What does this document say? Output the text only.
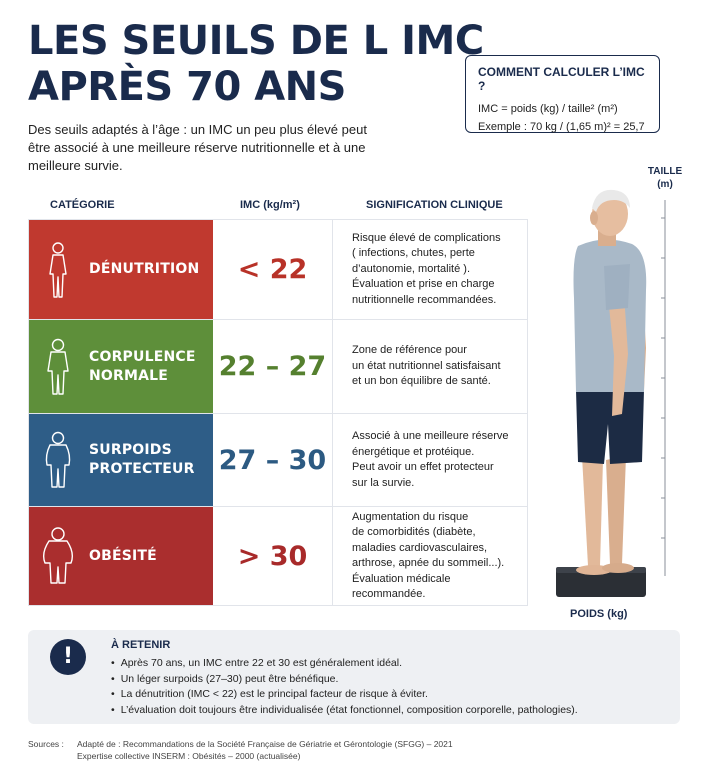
LES SEUILS DE L IMC
APRÈS 70 ANS
Des seuils adaptés à l’âge : un IMC un peu plus élevé peut être associé à une meilleure réserve nutritionnelle et à une meilleure survie.
COMMENT CALCULER L’IMC ?
IMC = poids (kg) / taille² (m²)
Exemple : 70 kg / (1,65 m)² = 25,7
CATÉGORIE	IMC (kg/m²)	SIGNIFICATION CLINIQUE
DÉNUTRITION	< 22
Risque élevé de complications
( infections, chutes, perte
d’autonomie, mortalité ).
Évaluation et prise en charge
nutritionnelle recommandées.
CORPULENCE NORMALE	22 – 27
Zone de référence pour
un état nutritionnel satisfaisant
et un bon équilibre de santé.
SURPOIDS PROTECTEUR 27 – 30
Associé à une meilleure réserve
énergétique et protéique.
Peut avoir un effet protecteur
sur la survie.
OBÉSITÉ	> 30
Augmentation du risque
de comorbidités (diabète,
maladies cardiovasculaires,
arthrose, apnée du sommeil...).
Évaluation médicale recommandée.
TAILLE
(m)
POIDS (kg)
!	À RETENIR
• Après 70 ans, un IMC entre 22 et 30 est généralement idéal.
• Un léger surpoids (27–30) peut être bénéfique.
• La dénutrition (IMC < 22) est le principal facteur de risque à éviter.
• L’évaluation doit toujours être individualisée (état fonctionnel, composition corporelle, pathologies).
Sources :	Adapté de : Recommandations de la Société Française de Gériatrie et Gérontologie (SFGG) – 2021
Expertise collective INSERM : Obésités – 2000 (actualisée)
